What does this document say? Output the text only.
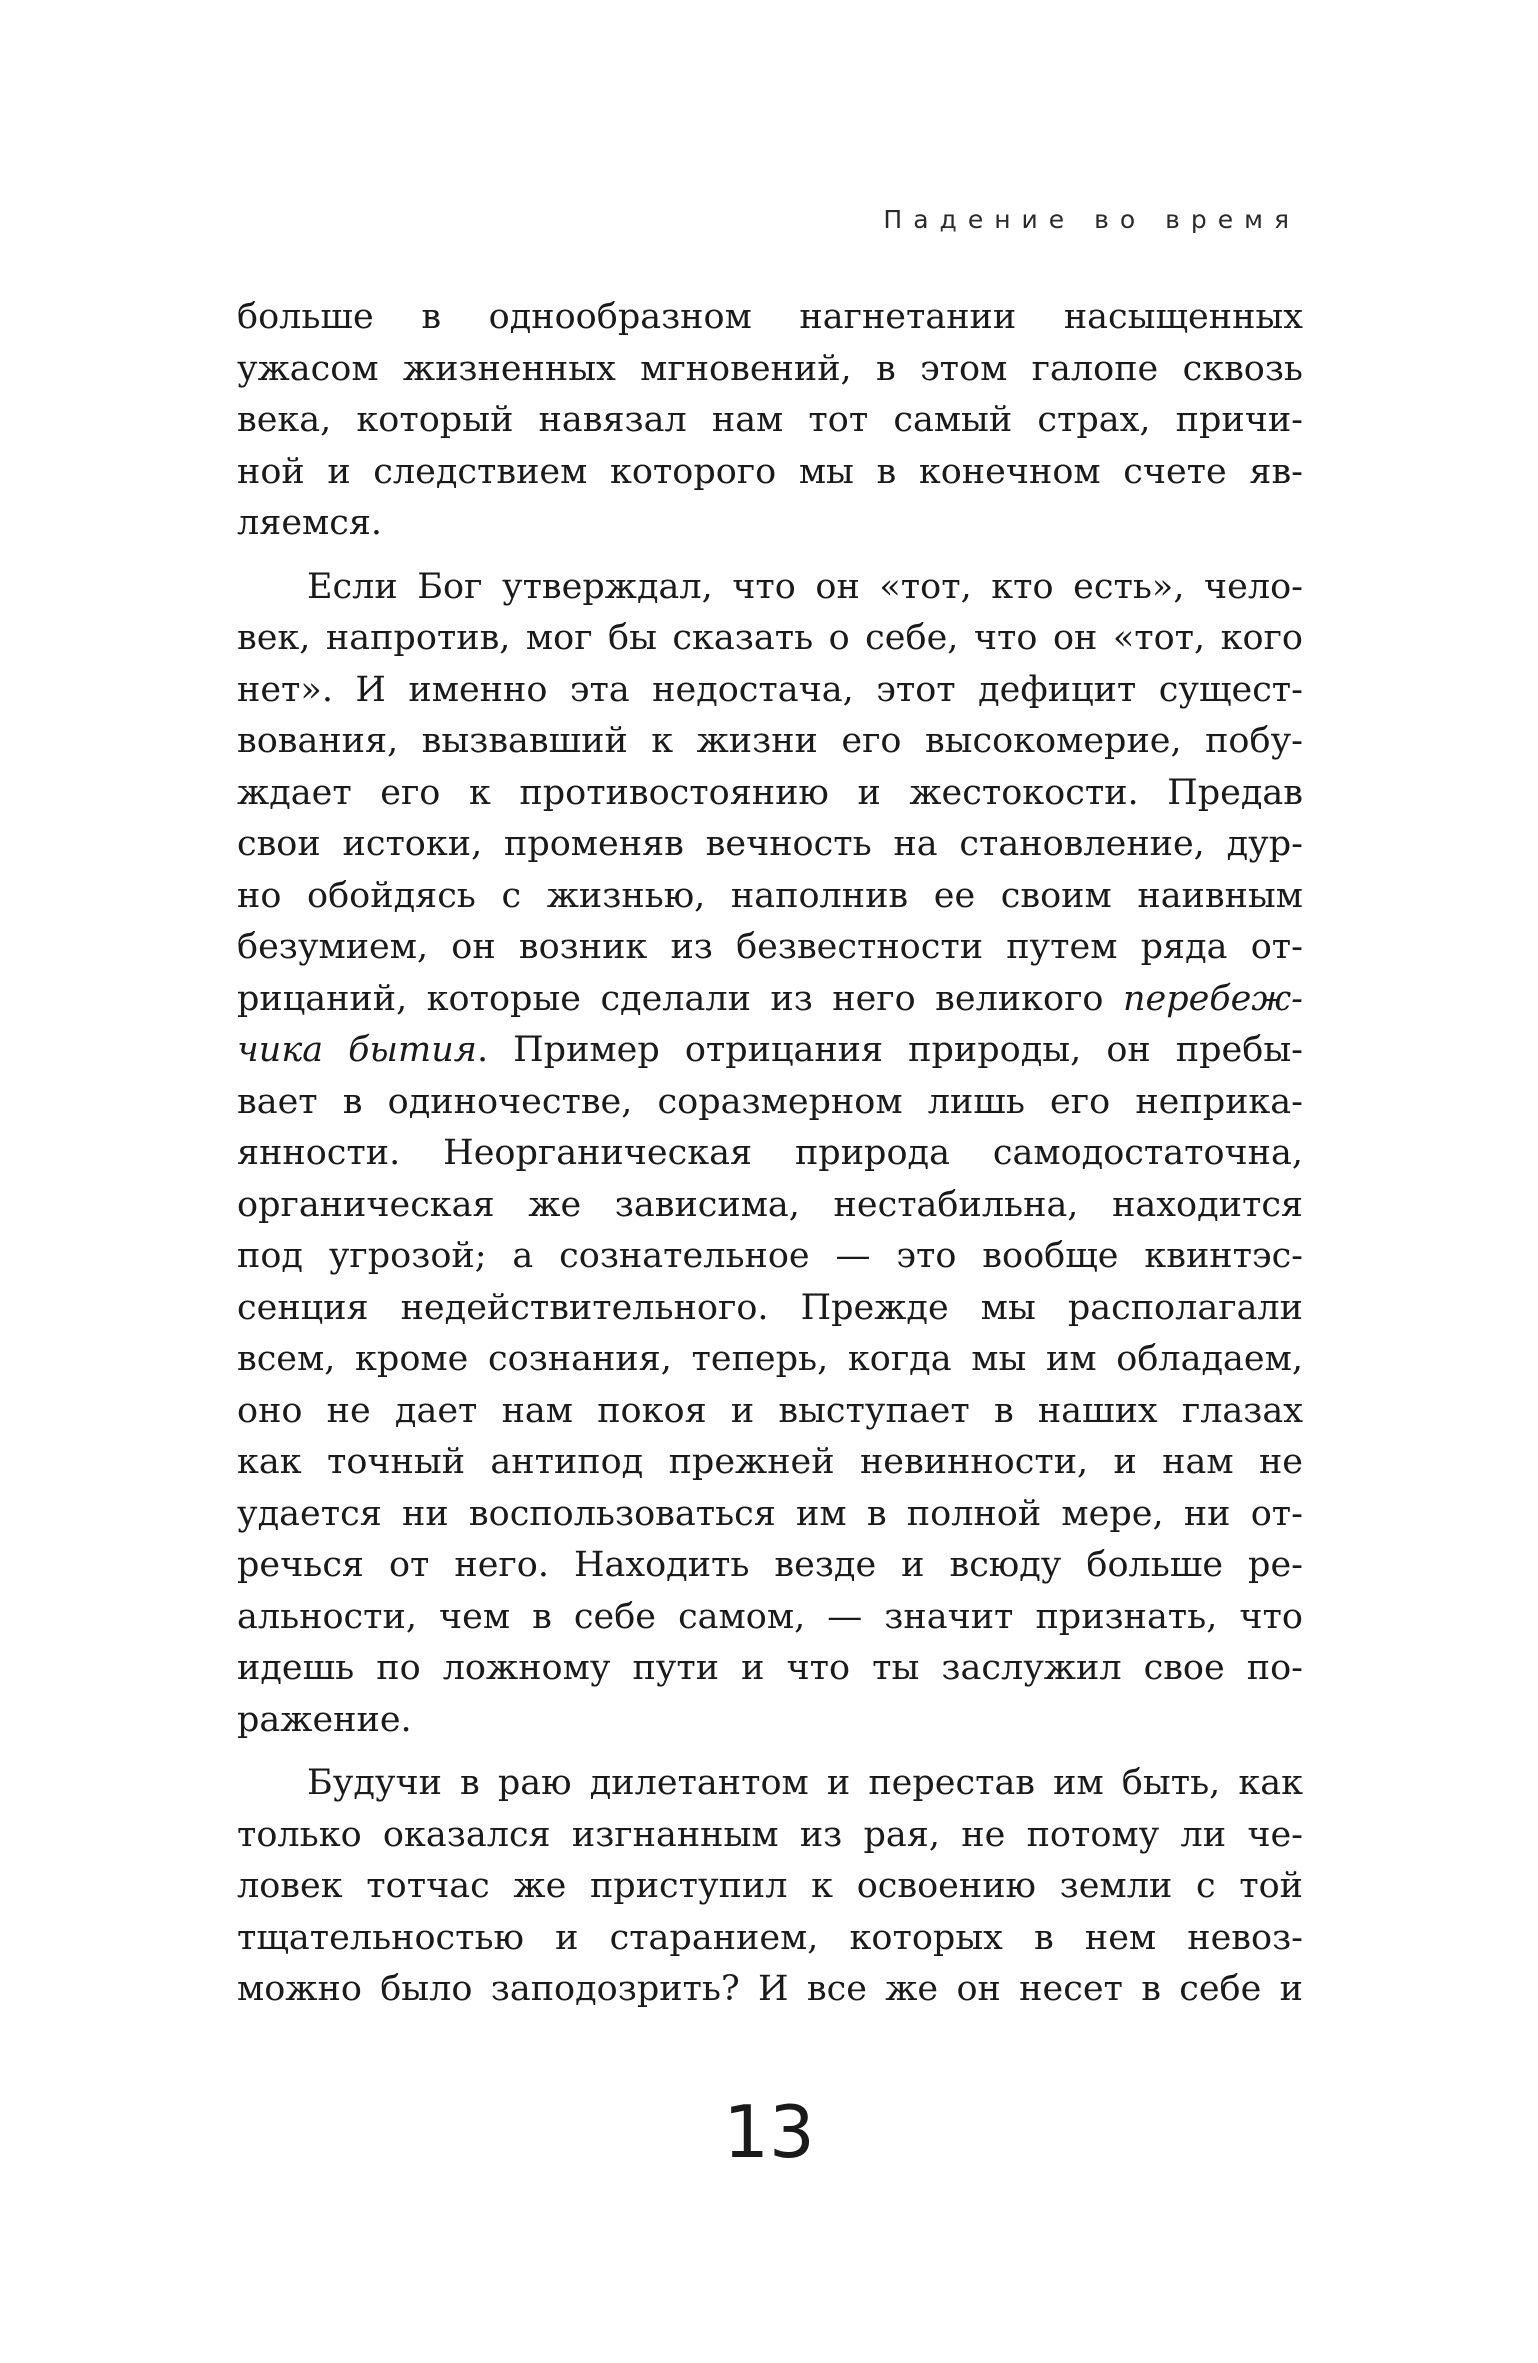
Падение во время
больше в однообразном нагнетании насыщенных
ужасом жизненных мгновений, в этом галопе сквозь
века, который навязал нам тот самый страх, причи-
ной и следствием которого мы в конечном счете яв-
ляемся.
Если Бог утверждал, что он «тот, кто есть», чело-
век, напротив, мог бы сказать о себе, что он «тот, кого
нет». И именно эта недостача, этот дефицит сущест-
вования, вызвавший к жизни его высокомерие, побу-
ждает его к противостоянию и жестокости. Предав
свои истоки, променяв вечность на становление, дур-
но обойдясь с жизнью, наполнив ее своим наивным
безумием, он возник из безвестности путем ряда от-
рицаний, которые сделали из него великого перебеж-
чика бытия. Пример отрицания природы, он пребы-
вает в одиночестве, соразмерном лишь его неприка-
янности. Неорганическая природа самодостаточна,
органическая же зависима, нестабильна, находится
под угрозой; а сознательное — это вообще квинтэс-
сенция недействительного. Прежде мы располагали
всем, кроме сознания, теперь, когда мы им обладаем,
оно не дает нам покоя и выступает в наших глазах
как точный антипод прежней невинности, и нам не
удается ни воспользоваться им в полной мере, ни от-
речься от него. Находить везде и всюду больше ре-
альности, чем в себе самом, — значит признать, что
идешь по ложному пути и что ты заслужил свое по-
ражение.
Будучи в раю дилетантом и перестав им быть, как
только оказался изгнанным из рая, не потому ли че-
ловек тотчас же приступил к освоению земли с той
тщательностью и старанием, которых в нем невоз-
можно было заподозрить? И все же он несет в себе и
13
